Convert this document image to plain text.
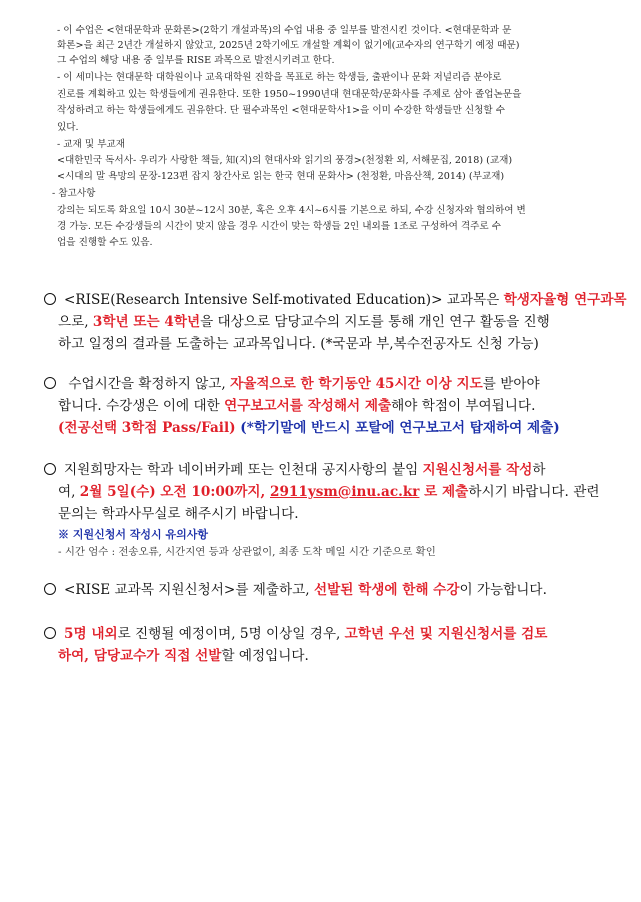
- 이 수업은 <현대문학과 문화론>(2학기 개설과목)의 수업 내용 중 일부를 발전시킨 것이다. <현대문학과 문
화론>을 최근 2년간 개설하지 않았고, 2025년 2학기에도 개설할 계획이 없기에(교수자의 연구학기 예정 때문)
그 수업의 해당 내용 중 일부를 RISE 과목으로 발전시키려고 한다.
- 이 세미나는 현대문학 대학원이나 교육대학원 진학을 목표로 하는 학생들, 출판이나 문화 저널리즘 분야로
진로를 계획하고 있는 학생들에게 권유한다. 또한 1950~1990년대 현대문학/문화사를 주제로 삼아 졸업논문을
작성하려고 하는 학생들에게도 권유한다. 단 필수과목인 <현대문학사1>을 이미 수강한 학생들만 신청할 수
있다.
- 교재 및 부교재
<대한민국 독서사- 우리가 사랑한 책들, 知(지)의 현대사와 읽기의 풍경>(천정환 외, 서해문집, 2018) (교재)
<시대의 말 욕망의 문장-123편 잡지 창간사로 읽는 한국 현대 문화사> (천정환, 마음산책, 2014) (부교재)
- 참고사항
강의는 되도록 화요일 10시 30분~12시 30분, 혹은 오후 4시~6시를 기본으로 하되, 수강 신청자와 협의하여 변
경 가능. 모든 수강생들의 시간이 맞지 않을 경우 시간이 맞는 학생들 2인 내외를 1조로 구성하여 격주로 수
업을 진행할 수도 있음.
<RISE(Research Intensive Self-motivated Education)> 교과목은 학생자율형 연구과목
으로, 3학년 또는 4학년을 대상으로 담당교수의 지도를 통해 개인 연구 활동을 진행
하고 일정의 결과를 도출하는 교과목입니다. (*국문과 부,복수전공자도 신청 가능)
수업시간을 확정하지 않고, 자율적으로 한 학기동안 45시간 이상 지도를 받아야
합니다. 수강생은 이에 대한 연구보고서를 작성해서 제출해야 학점이 부여됩니다.
(전공선택 3학점 Pass/Fail) (*학기말에 반드시 포탈에 연구보고서 탑재하여 제출)
지원희망자는 학과 네이버카페 또는 인천대 공지사항의 붙임 지원신청서를 작성하
여, 2월 5일(수) 오전 10:00까지, 2911ysm@inu.ac.kr 로 제출하시기 바랍니다. 관련
문의는 학과사무실로 해주시기 바랍니다.
※ 지원신청서 작성시 유의사항
- 시간 엄수 : 전송오류, 시간지연 등과 상관없이, 최종 도착 메일 시간 기준으로 확인
<RISE 교과목 지원신청서>를 제출하고, 선발된 학생에 한해 수강이 가능합니다.
5명 내외로 진행될 예정이며, 5명 이상일 경우, 고학년 우선 및 지원신청서를 검토
하여, 담당교수가 직접 선발할 예정입니다.
